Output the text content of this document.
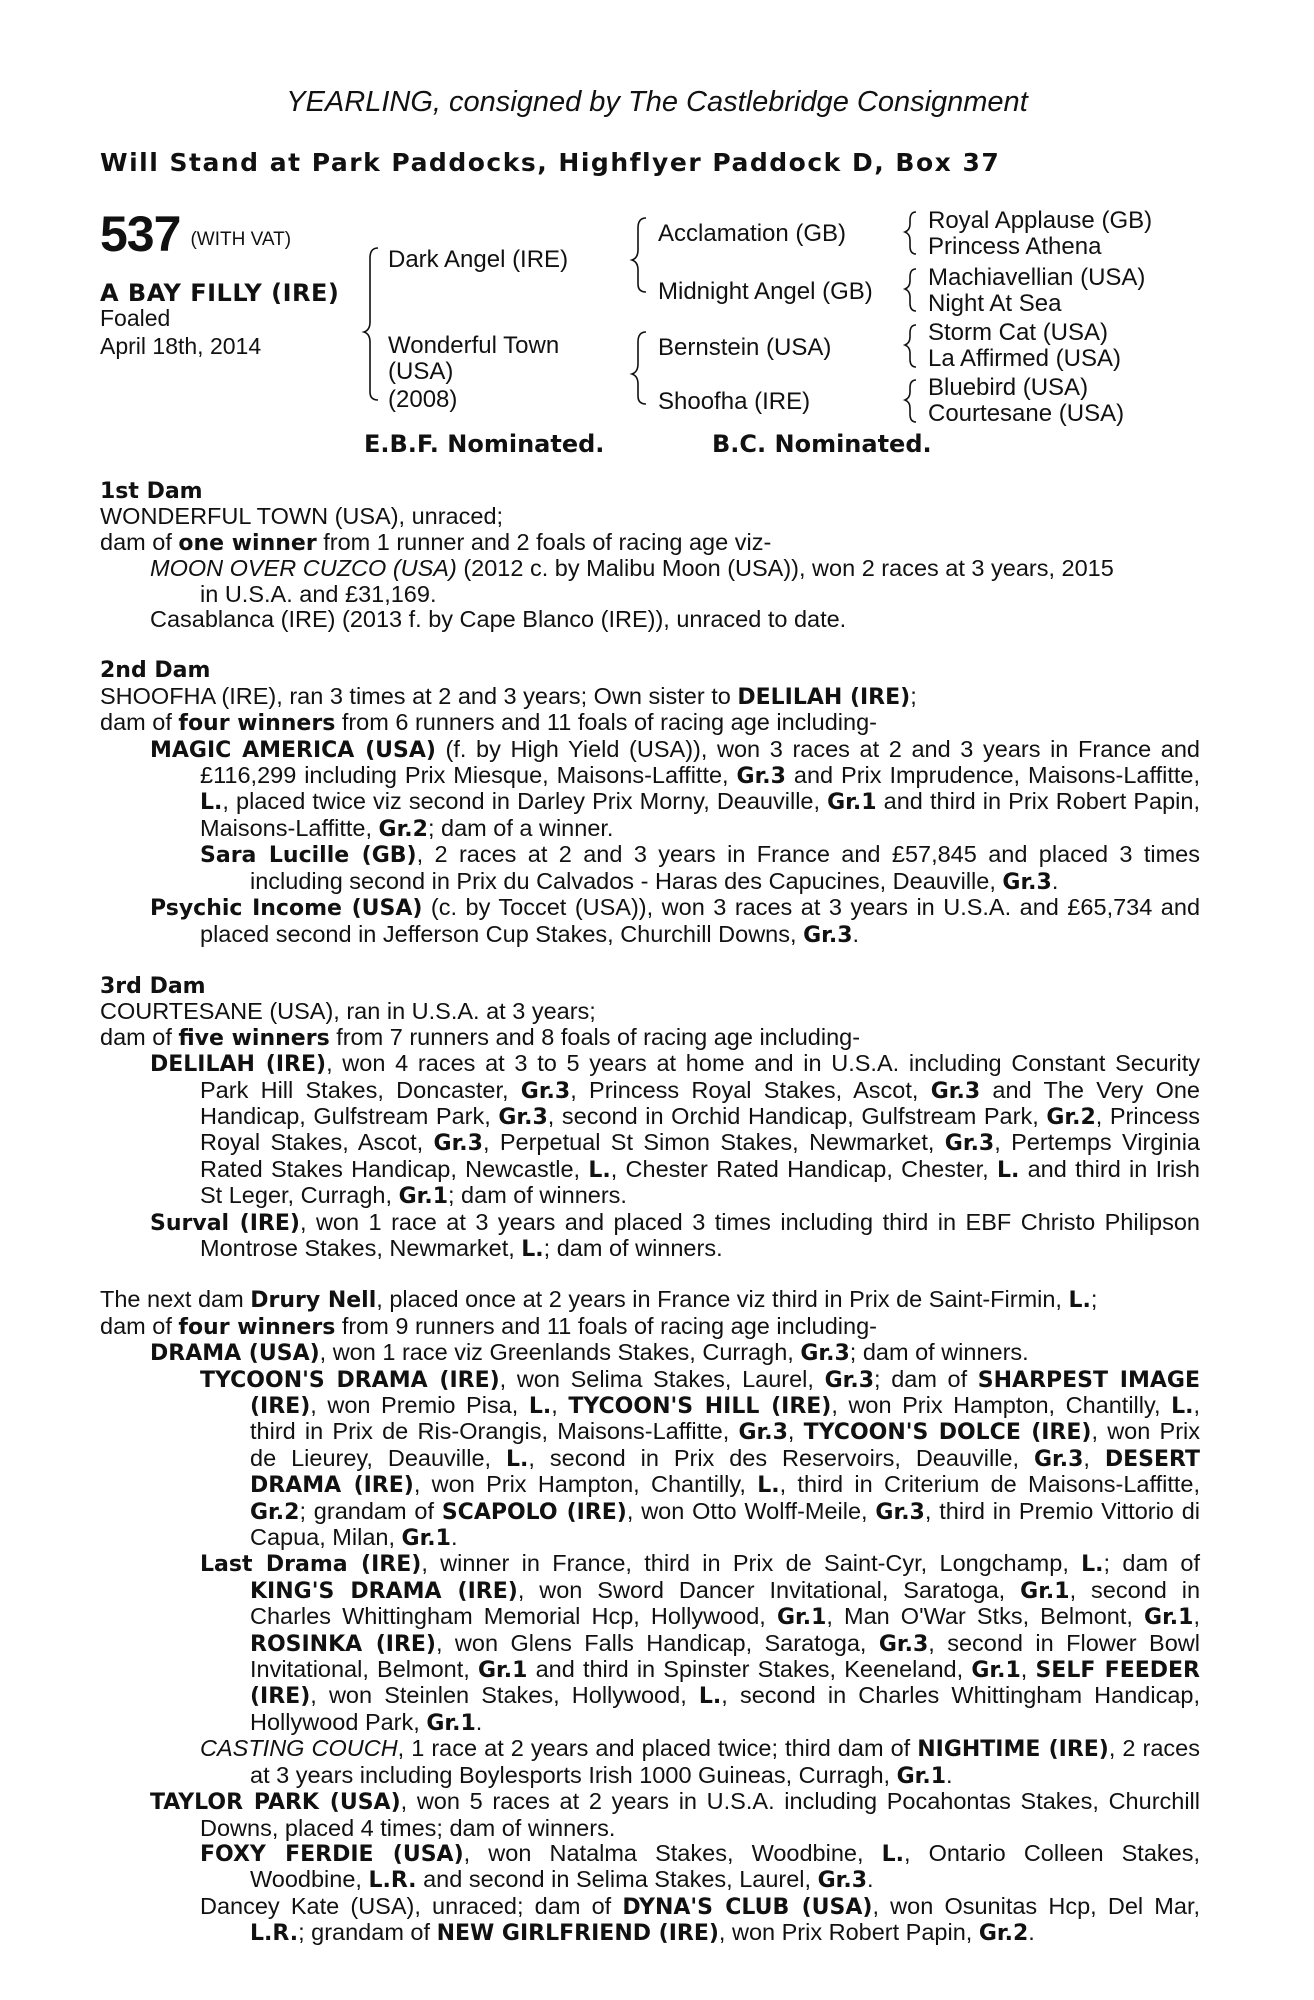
YEARLING, consigned by The Castlebridge Consignment
Will Stand at Park Paddocks, Highflyer Paddock D, Box 37
537 (WITH VAT)
A BAY FILLY (IRE)
Foaled
April 18th, 2014
Dark Angel (IRE)
Wonderful Town
(USA)
(2008)
Acclamation (GB)
Midnight Angel (GB)
Bernstein (USA)
Shoofha (IRE)
Royal Applause (GB)
Princess Athena
Machiavellian (USA)
Night At Sea
Storm Cat (USA)
La Affirmed (USA)
Bluebird (USA)
Courtesane (USA)
E.B.F. Nominated.	B.C. Nominated.

1st Dam

WONDERFUL TOWN (USA), unraced;

dam of one winner from 1 runner and 2 foals of racing age viz-

MOON OVER CUZCO (USA) (2012 c. by Malibu Moon (USA)), won 2 races at 3 years, 2015

in U.S.A. and £31,169.

Casablanca (IRE) (2013 f. by Cape Blanco (IRE)), unraced to date.

2nd Dam

SHOOFHA (IRE), ran 3 times at 2 and 3 years; Own sister to DELILAH (IRE);

dam of four winners from 6 runners and 11 foals of racing age including-

MAGIC AMERICA (USA) (f. by High Yield (USA)), won 3 races at 2 and 3 years in France and £116,299 including Prix Miesque, Maisons-Laffitte, Gr.3 and Prix Imprudence, Maisons-Laffitte, L., placed twice viz second in Darley Prix Morny, Deauville, Gr.1 and third in Prix Robert Papin, Maisons-Laffitte, Gr.2; dam of a winner.

Sara Lucille (GB), 2 races at 2 and 3 years in France and £57,845 and placed 3 times including second in Prix du Calvados - Haras des Capucines, Deauville, Gr.3.

Psychic Income (USA) (c. by Toccet (USA)), won 3 races at 3 years in U.S.A. and £65,734 and placed second in Jefferson Cup Stakes, Churchill Downs, Gr.3.

3rd Dam

COURTESANE (USA), ran in U.S.A. at 3 years;

dam of five winners from 7 runners and 8 foals of racing age including-

DELILAH (IRE), won 4 races at 3 to 5 years at home and in U.S.A. including Constant Security Park Hill Stakes, Doncaster, Gr.3, Princess Royal Stakes, Ascot, Gr.3 and The Very One Handicap, Gulfstream Park, Gr.3, second in Orchid Handicap, Gulfstream Park, Gr.2, Princess Royal Stakes, Ascot, Gr.3, Perpetual St Simon Stakes, Newmarket, Gr.3, Pertemps Virginia Rated Stakes Handicap, Newcastle, L., Chester Rated Handicap, Chester, L. and third in Irish St Leger, Curragh, Gr.1; dam of winners.

Surval (IRE), won 1 race at 3 years and placed 3 times including third in EBF Christo Philipson Montrose Stakes, Newmarket, L.; dam of winners.

The next dam Drury Nell, placed once at 2 years in France viz third in Prix de Saint-Firmin, L.;

dam of four winners from 9 runners and 11 foals of racing age including-

DRAMA (USA), won 1 race viz Greenlands Stakes, Curragh, Gr.3; dam of winners.

TYCOON'S DRAMA (IRE), won Selima Stakes, Laurel, Gr.3; dam of SHARPEST IMAGE (IRE), won Premio Pisa, L., TYCOON'S HILL (IRE), won Prix Hampton, Chantilly, L., third in Prix de Ris-Orangis, Maisons-Laffitte, Gr.3, TYCOON'S DOLCE (IRE), won Prix de Lieurey, Deauville, L., second in Prix des Reservoirs, Deauville, Gr.3, DESERT DRAMA (IRE), won Prix Hampton, Chantilly, L., third in Criterium de Maisons-Laffitte, Gr.2; grandam of SCAPOLO (IRE), won Otto Wolff-Meile, Gr.3, third in Premio Vittorio di Capua, Milan, Gr.1.

Last Drama (IRE), winner in France, third in Prix de Saint-Cyr, Longchamp, L.; dam of KING'S DRAMA (IRE), won Sword Dancer Invitational, Saratoga, Gr.1, second in Charles Whittingham Memorial Hcp, Hollywood, Gr.1, Man O'War Stks, Belmont, Gr.1, ROSINKA (IRE), won Glens Falls Handicap, Saratoga, Gr.3, second in Flower Bowl Invitational, Belmont, Gr.1 and third in Spinster Stakes, Keeneland, Gr.1, SELF FEEDER (IRE), won Steinlen Stakes, Hollywood, L., second in Charles Whittingham Handicap, Hollywood Park, Gr.1.

CASTING COUCH, 1 race at 2 years and placed twice; third dam of NIGHTIME (IRE), 2 races at 3 years including Boylesports Irish 1000 Guineas, Curragh, Gr.1.

TAYLOR PARK (USA), won 5 races at 2 years in U.S.A. including Pocahontas Stakes, Churchill Downs, placed 4 times; dam of winners.

FOXY FERDIE (USA), won Natalma Stakes, Woodbine, L., Ontario Colleen Stakes, Woodbine, L.R. and second in Selima Stakes, Laurel, Gr.3.

Dancey Kate (USA), unraced; dam of DYNA'S CLUB (USA), won Osunitas Hcp, Del Mar, L.R.; grandam of NEW GIRLFRIEND (IRE), won Prix Robert Papin, Gr.2.
